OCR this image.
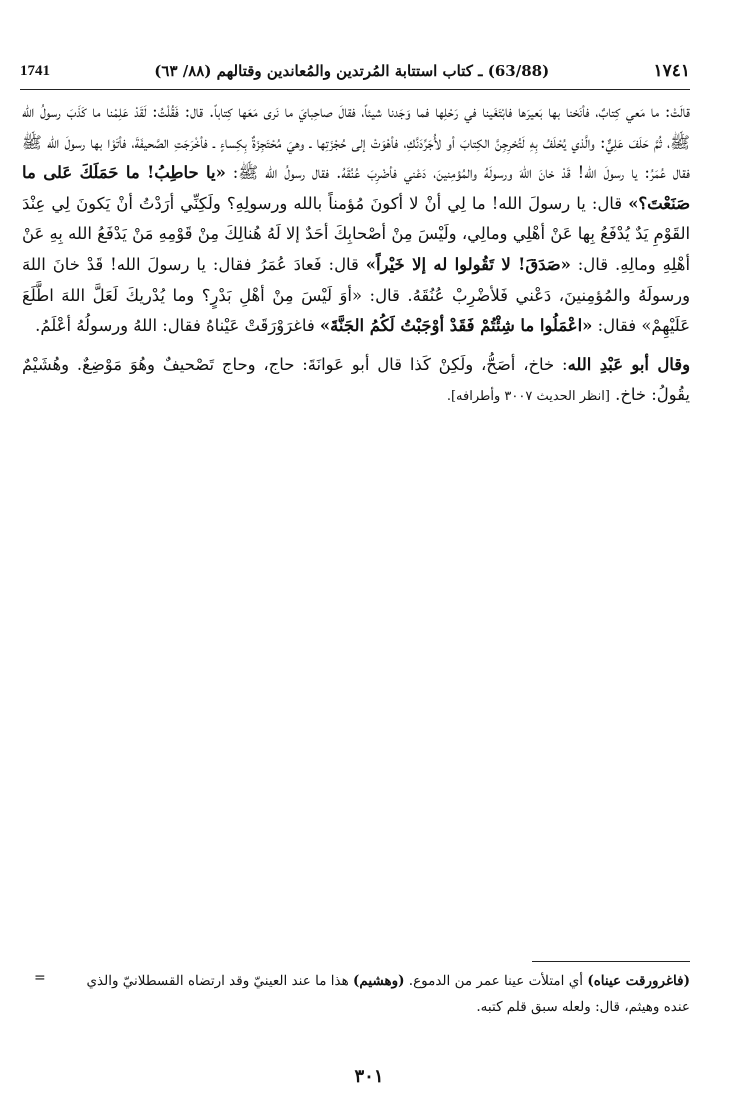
1741	(63/88) ـ كتاب استتابة المُرتدين والمُعاندين وقتالهم (٨٨/ ٦٣)	١٧٤١

قالَتْ: ما مَعي كِتابٌ، فأنَخنا بها بَعيرَها فابْتَغَينا في رَحْلِها فما وَجَدنا شيئاً، فقالَ صاحِبايَ ما نَرى مَعَها كِتاباً. قال: فَقُلْتُ: لَقَدْ عَلِمْنا ما كَذَبَ رسولُ الله ﷺ، ثُمَّ حَلَفَ عَلِيٌّ: والَّذي يُحْلَفُ بِهِ لَتُخرِجِنَّ الكِتابَ أو لأُجَرِّدَنَّكِ، فأهْوَتْ إلى حُجْزَتِها ـ وهيَ مُحْتَجِزَةٌ بِكِساءٍ ـ فأخْرَجَتِ الصَّحيفَةَ، فأتَوْا بها رسولَ الله ﷺ فقال عُمَرُ: يا رسولَ الله! قَدْ خانَ اللهَ ورسولَهُ والمُؤمِنينَ، دَعْني فأضْرِبَ عُنُقَهُ. فقال رسولُ الله ﷺ: «يا حاطِبُ! ما حَمَلَكَ عَلى ما صَنَعْتَ؟» قال: يا رسولَ الله! ما لِي أنْ لا أكونَ مُؤمناً بالله ورسولِهِ؟ ولَكِنِّي أرَدْتُ أنْ يَكونَ لِي عِنْدَ القَوْمِ يَدٌ يُدْفَعُ بِها عَنْ أهْلِي ومالِي، ولَيْسَ مِنْ أصْحابِكَ أحَدٌ إلا لَهُ هُنالِكَ مِنْ قَوْمِهِ مَنْ يَدْفَعُ الله بِهِ عَنْ أهْلِهِ ومالِهِ. قال: «صَدَقَ! لا تَقُولوا له إلا خَيْراً» قال: فَعادَ عُمَرُ فقال: يا رسولَ الله! قَدْ خانَ اللهَ ورسولَهُ والمُؤمِنينَ، دَعْني فَلأضْرِبْ عُنُقَهُ. قال: «أوَ لَيْسَ مِنْ أهْلِ بَدْرٍ؟ وما يُدْريكَ لَعَلَّ اللهَ اطَّلَعَ عَلَيْهِمْ» فقال: «اعْمَلُوا ما شِئْتُمْ فَقَدْ أوْجَبْتُ لَكُمُ الجَنَّةَ» فاغرَوْرَقَتْ عَيْناهُ فقال: اللهُ ورسولُهُ أعْلَمُ.

وقال أبو عَبْدِ الله: خاخ، أصَحُّ، ولَكِنْ كَذا قال أبو عَوانَةَ: حاج، وحاج تَصْحيفٌ وهُوَ مَوْضِعٌ. وهُشَيْمٌ يقُولُ: خاخ. [انظر الحديث ٣٠٠٧ وأطرافه].

=	(فاغرورقت عيناه) أي امتلأت عينا عمر من الدموع. (وهشيم) هذا ما عند العينيّ وقد ارتضاه القسطلانيّ والذي عنده وهيثم، قال: ولعله سبق قلم كتبه.
٣٠١
